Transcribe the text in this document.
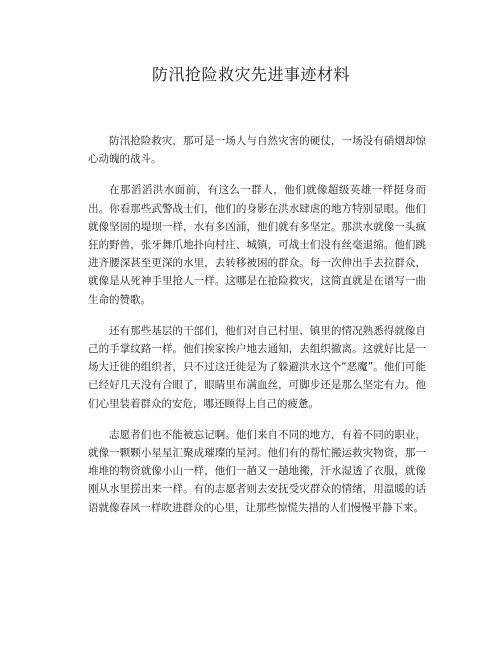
防汛抢险救灾先进事迹材料

防汛抢险救灾，那可是一场人与自然灾害的硬仗，一场没有硝烟却惊心动魄的战斗。

在那滔滔洪水面前，有这么一群人，他们就像超级英雄一样挺身而出。你看那些武警战士们，他们的身影在洪水肆虐的地方特别显眼。他们就像坚固的堤坝一样，水有多凶涌，他们就有多坚定。那洪水就像一头疯狂的野兽，张牙舞爪地扑向村庄、城镇，可战士们没有丝毫退缩。他们跳进齐腰深甚至更深的水里，去转移被困的群众。每一次伸出手去拉群众，就像是从死神手里抢人一样。这哪是在抢险救灾，这简直就是在谱写一曲生命的赞歌。

还有那些基层的干部们，他们对自己村里、镇里的情况熟悉得就像自己的手掌纹路一样。他们挨家挨户地去通知，去组织撤离。这就好比是一场大迁徙的组织者，只不过这迁徙是为了躲避洪水这个“恶魔”。他们可能已经好几天没有合眼了，眼睛里布满血丝，可脚步还是那么坚定有力。他们心里装着群众的安危，哪还顾得上自己的疲惫。

志愿者们也不能被忘记啊。他们来自不同的地方，有着不同的职业，就像一颗颗小星星汇聚成璀璨的星河。他们有的帮忙搬运救灾物资，那一堆堆的物资就像小山一样，他们一趟又一趟地搬，汗水湿透了衣服，就像刚从水里捞出来一样。有的志愿者则去安抚受灾群众的情绪，用温暖的话语就像春风一样吹进群众的心里，让那些惊慌失措的人们慢慢平静下来。
